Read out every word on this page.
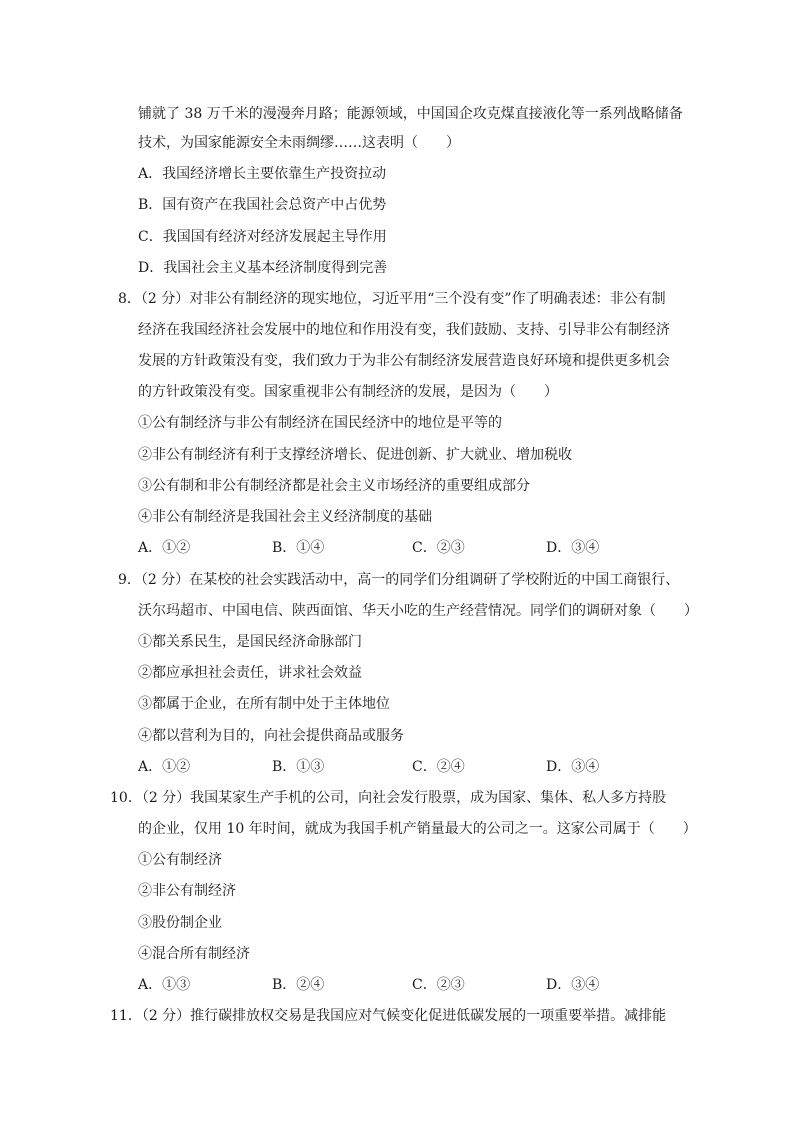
铺就了 38 万千米的漫漫奔月路；能源领域，中国国企攻克煤直接液化等一系列战略储备
技术，为国家能源安全未雨绸缪……这表明（　　）
A．我国经济增长主要依靠生产投资拉动
B．国有资产在我国社会总资产中占优势
C．我国国有经济对经济发展起主导作用
D．我国社会主义基本经济制度得到完善
8．（2 分）对非公有制经济的现实地位，习近平用“三个没有变”作了明确表述：非公有制
经济在我国经济社会发展中的地位和作用没有变，我们鼓励、支持、引导非公有制经济
发展的方针政策没有变，我们致力于为非公有制经济发展营造良好环境和提供更多机会
的方针政策没有变。国家重视非公有制经济的发展，是因为（　　）
①公有制经济与非公有制经济在国民经济中的地位是平等的
②非公有制经济有利于支撑经济增长、促进创新、扩大就业、增加税收
③公有制和非公有制经济都是社会主义市场经济的重要组成部分
④非公有制经济是我国社会主义经济制度的基础
A．①②	B．①④	C．②③	D．③④
9．（2 分）在某校的社会实践活动中，高一的同学们分组调研了学校附近的中国工商银行、
沃尔玛超市、中国电信、陕西面馆、华天小吃的生产经营情况。同学们的调研对象（　　）
①都关系民生，是国民经济命脉部门
②都应承担社会责任，讲求社会效益
③都属于企业，在所有制中处于主体地位
④都以营利为目的，向社会提供商品或服务
A．①②	B．①③	C．②④	D．③④
10．（2 分）我国某家生产手机的公司，向社会发行股票，成为国家、集体、私人多方持股
的企业，仅用 10 年时间，就成为我国手机产销量最大的公司之一。这家公司属于（　　）
①公有制经济
②非公有制经济
③股份制企业
④混合所有制经济
A．①③	B．②④	C．②③	D．③④
11．（2 分）推行碳排放权交易是我国应对气候变化促进低碳发展的一项重要举措。减排能
